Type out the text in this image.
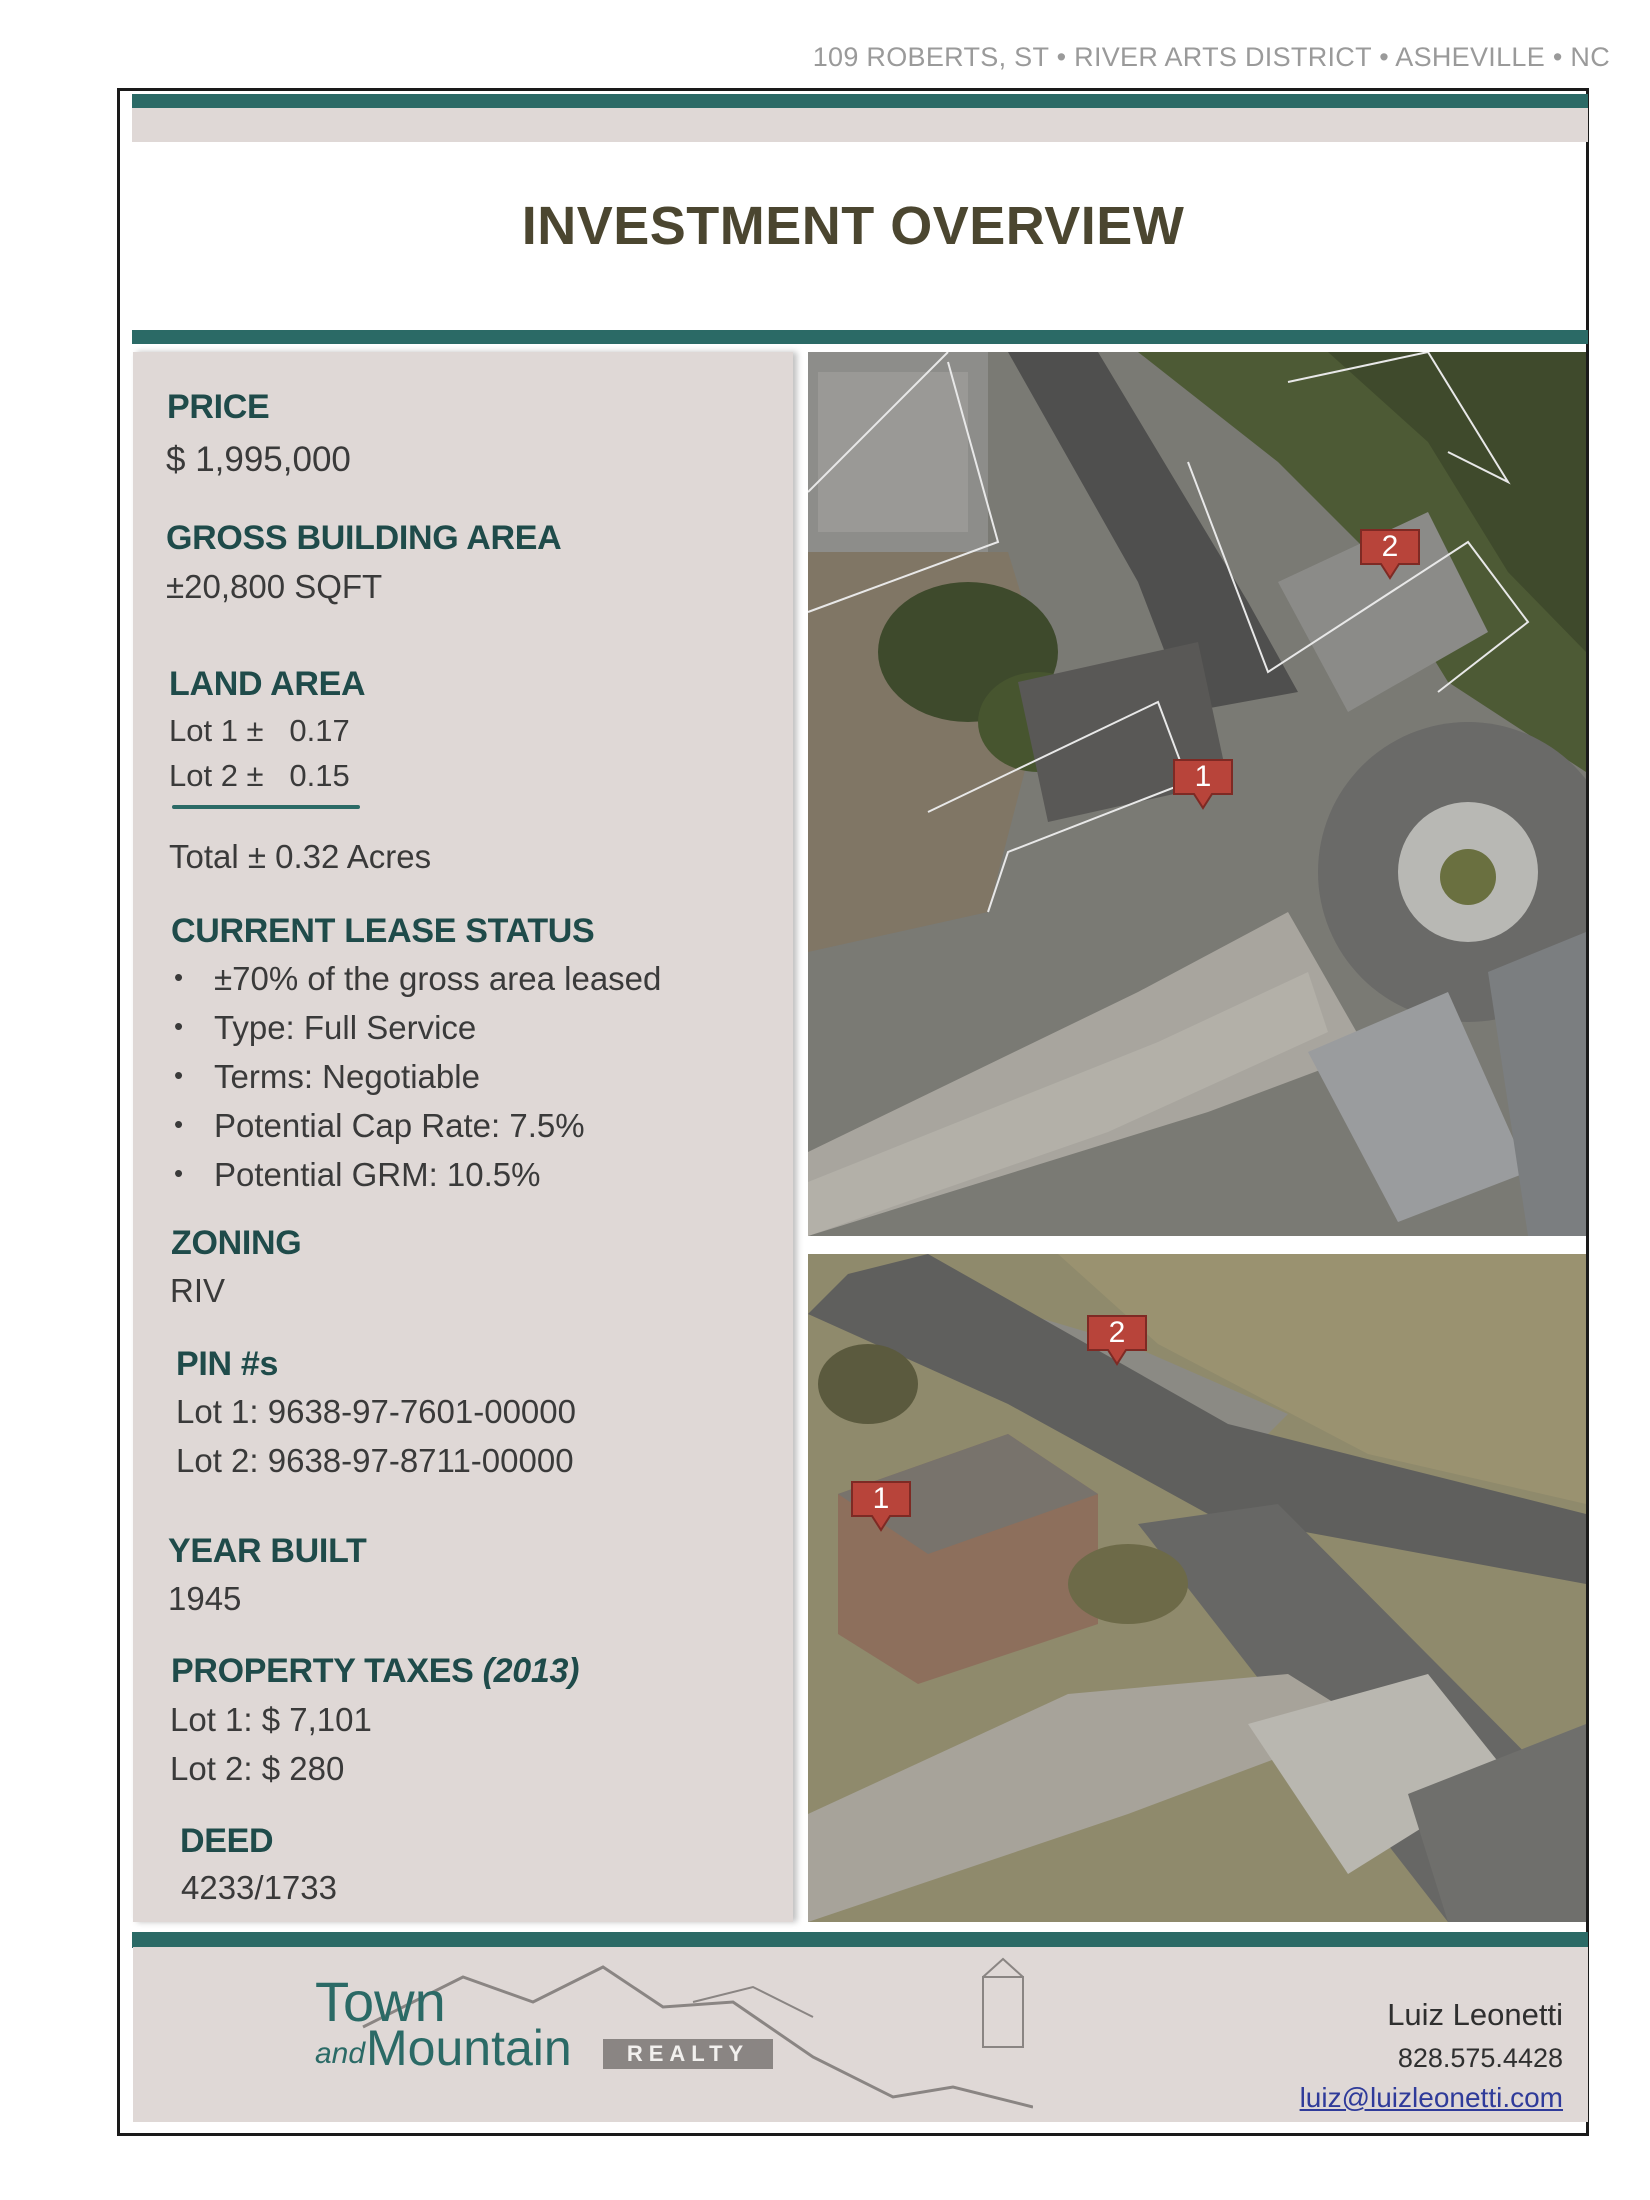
109 ROBERTS, ST • RIVER ARTS DISTRICT • ASHEVILLE • NC
INVESTMENT OVERVIEW
PRICE
$ 1,995,000
GROSS BUILDING AREA
±20,800 SQFT
LAND AREA
Lot 1 ±   0.17
Lot 2 ±   0.15
Total ± 0.32 Acres
CURRENT LEASE STATUS
• ±70% of the gross area leased
• Type: Full Service
• Terms: Negotiable
• Potential Cap Rate: 7.5%
• Potential GRM: 10.5%
ZONING
RIV
PIN #s
Lot 1: 9638-97-7601-00000
Lot 2: 9638-97-8711-00000
YEAR BUILT
1945
PROPERTY TAXES (2013)
Lot 1: $ 7,101
Lot 2: $ 280
DEED
4233/1733
2
1
2
1
Town
and Mountain	REALTY
Luiz Leonetti
828.575.4428
luiz@luizleonetti.com
